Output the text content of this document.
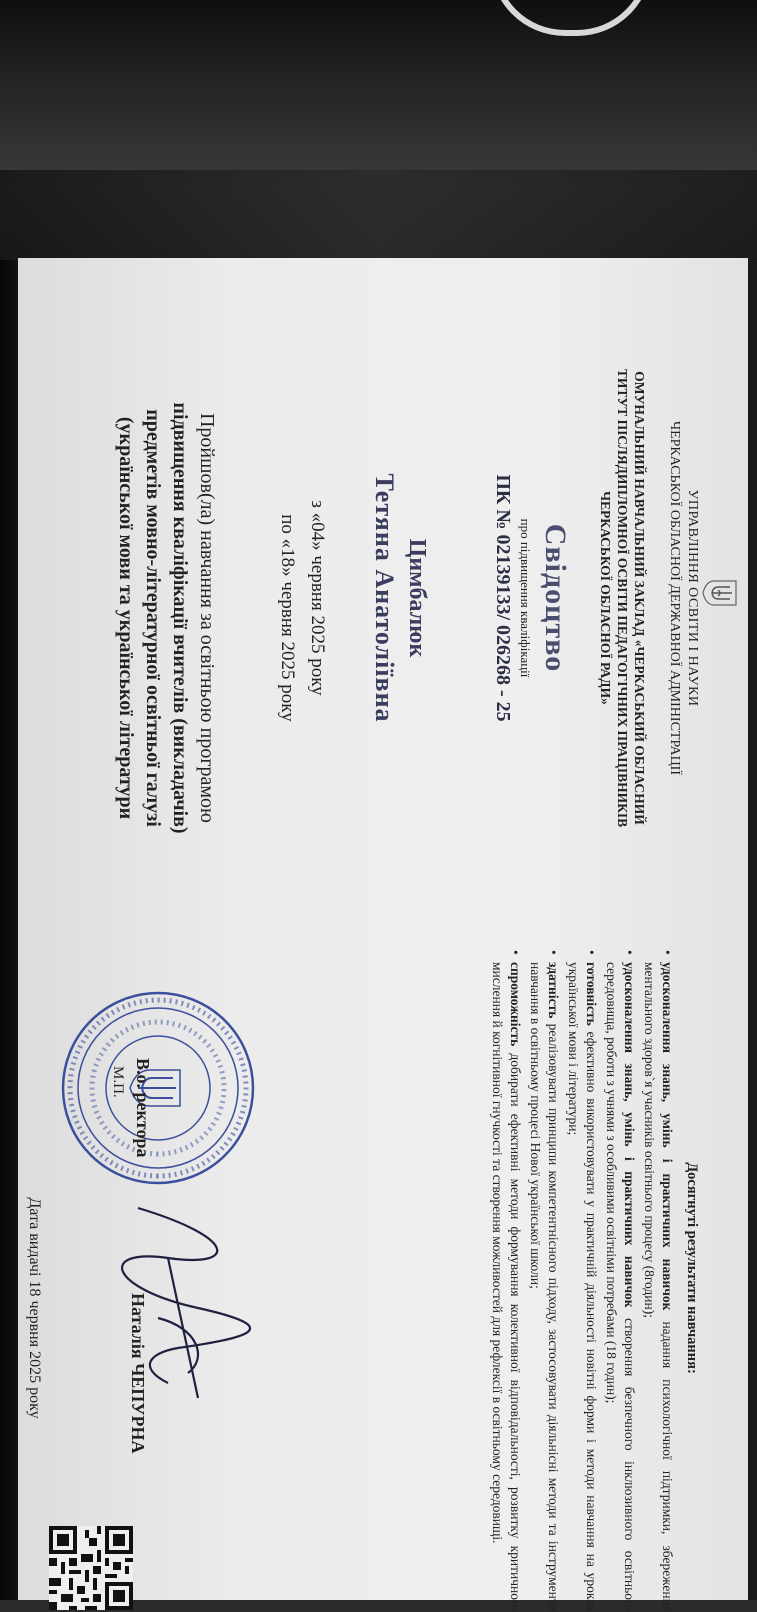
УПРАВЛІННЯ ОСВІТИ І НАУКИ
ЧЕРКАСЬКОЇ ОБЛАСНОЇ ДЕРЖАВНОЇ АДМІНІСТРАЦІЇ
ОМУНАЛЬНИЙ НАВЧАЛЬНИЙ ЗАКЛАД «ЧЕРКАСЬКИЙ ОБЛАСНИЙ
ТИТУТ ПІСЛЯДИПЛОМНОЇ ОСВІТИ ПЕДАГОГІЧНИХ ПРАЦІВНИКІВ
ЧЕРКАСЬКОЇ ОБЛАСНОЇ РАДИ»
Свідоцтво
про підвищення кваліфікації
ПК № 02139133/ 026268 - 25
Цимбалюк
Тетяна Анатоліївна
з «04» червня 2025 року
по «18» червня 2025 року
Пройшов(ла) навчання за освітньою програмою
підвищення кваліфікації вчителів (викладачів)
предметів мовно-літературної освітньої галузі
(української мови та української літератури
Досягнуті результати навчання:
• удосконалення знань, умінь і практичних навичок надання психологічної підтримки, збереження ментального здоров`я учасників освітнього процесу (8годин);
• удосконалення знань, умінь і практичних навичок створення безпечного інклюзивного освітнього середовища, роботи з учнями з особливими освітніми потребами (18 годин);
• готовність ефективно використовувати у практичній діяльності новітні форми і методи навчання на уроках української мови і літератури;
• здатність реалізовувати принципи компетентнісного підходу, застосовувати діяльнісні методи та інструменти навчання в освітньому процесі Нової української школи;
• спроможність добирати ефективні методи формування колективної відповідальності, розвитку критичного мислення й когнітивної гнучкості та створення можливостей для рефлексії в освітньому середовищі.
В.о. ректора
М.П.
Наталія ЧЕПУРНА
Дата видачі 18 червня 2025 року
